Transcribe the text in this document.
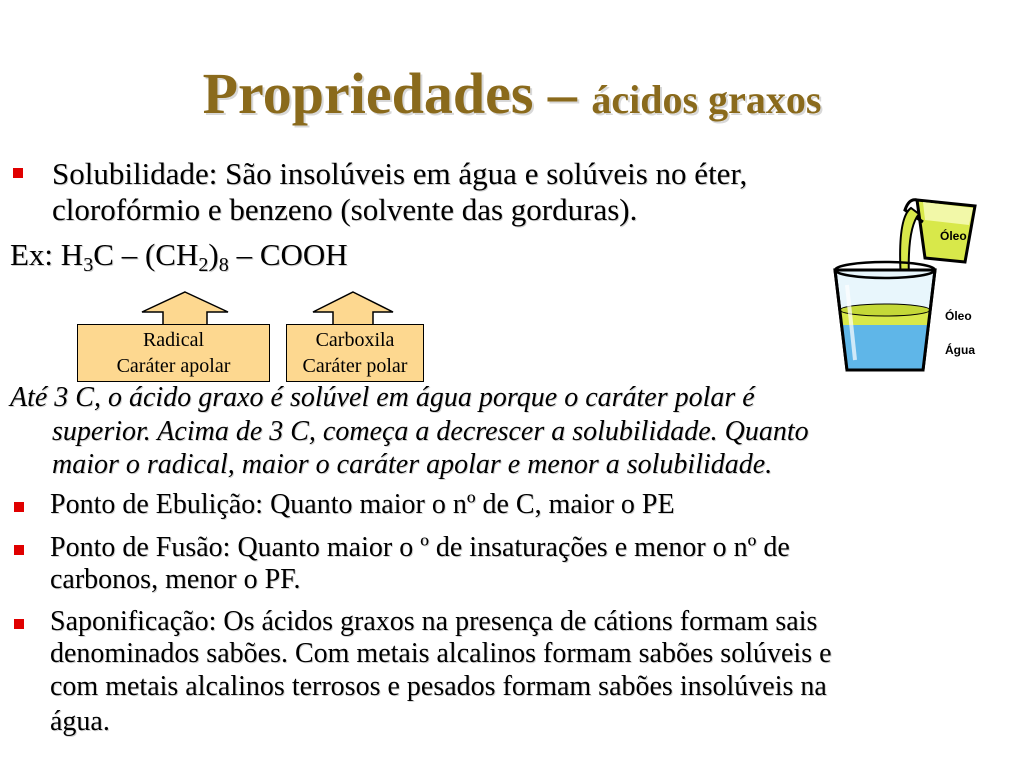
Propriedades – ácidos graxos
Solubilidade: São insolúveis em água e solúveis no éter,
clorofórmio e benzeno (solvente das gorduras).
Ex: $H_3C - (CH_2)_8$ – COOH
Radical
Caráter apolar
Carboxila
Caráter polar
Óleo
Óleo
Água
Até 3 C, o ácido graxo é solúvel em água porque o caráter polar é
superior. Acima de 3 C, começa a decrescer a solubilidade. Quanto
maior o radical, maior o caráter apolar e menor a solubilidade.
Ponto de Ebulição: Quanto maior o nº de C, maior o PE
Ponto de Fusão: Quanto maior o º de insaturações e menor o nº de
carbonos, menor o PF.
Saponificação: Os ácidos graxos na presença de cátions formam sais
denominados sabões. Com metais alcalinos formam sabões solúveis e
com metais alcalinos terrosos e pesados formam sabões insolúveis na
água.
